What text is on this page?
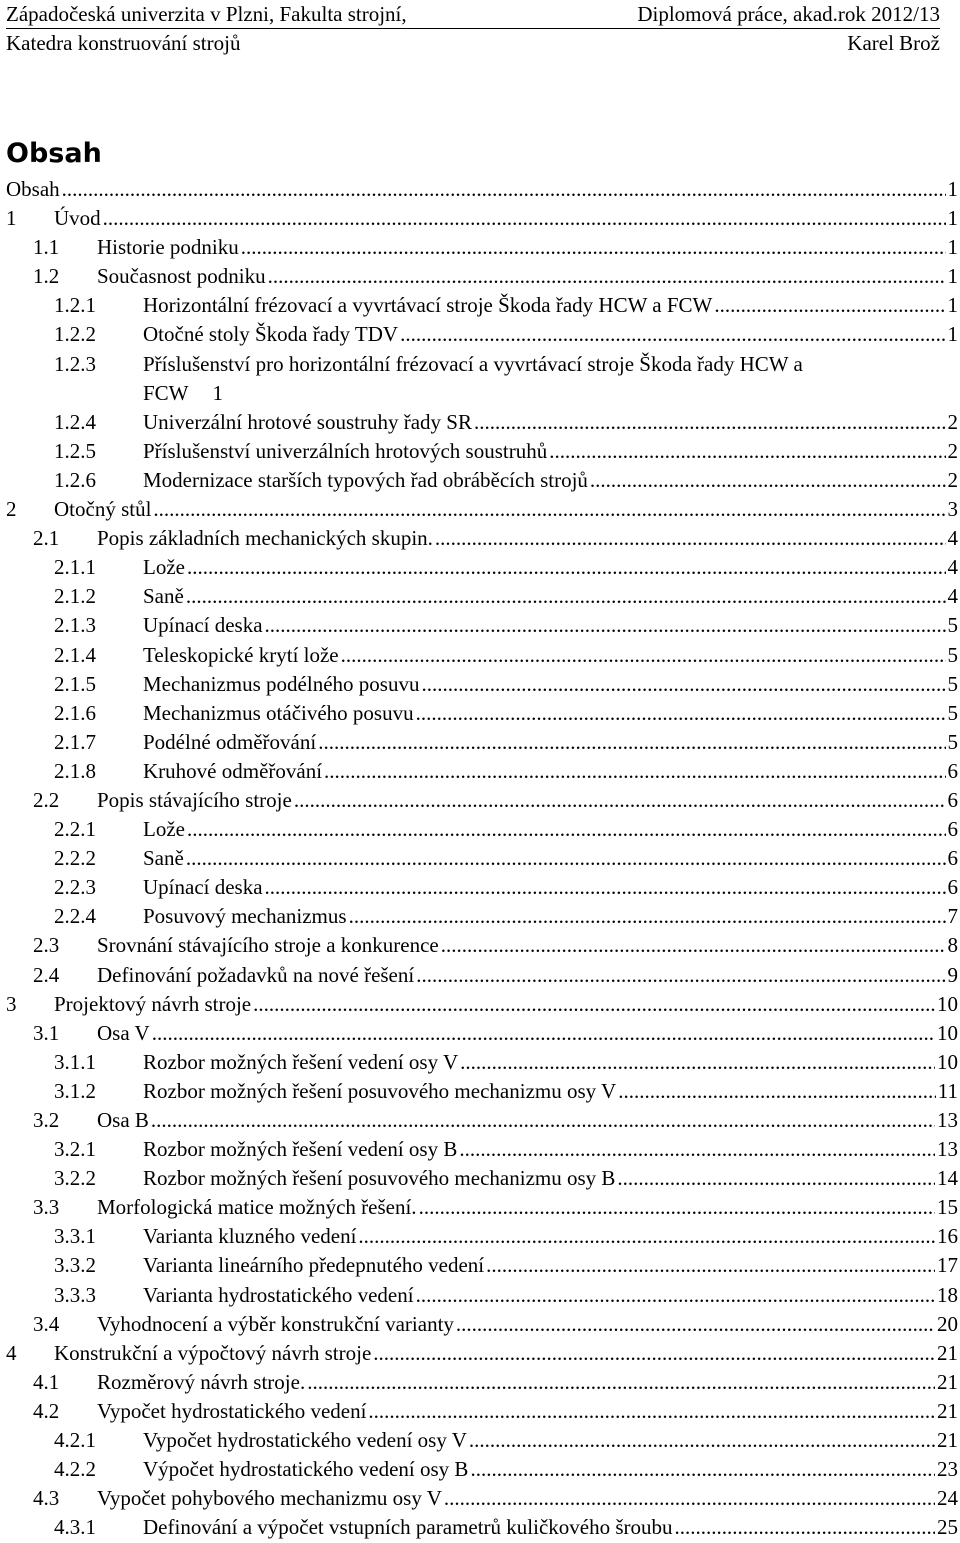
Západočeská univerzita v Plzni, Fakulta strojní,	Diplomová práce, akad.rok 2012/13
Katedra konstruování strojů	Karel Brož
Obsah
Obsah .....	1
1 Úvod .....	1
1.1 Historie podniku .....	1
1.2 Současnost podniku .....	1
1.2.1 Horizontální frézovací a vyvrtávací stroje Škoda řady HCW a FCW .....	1
1.2.2 Otočné stoly Škoda řady TDV .....	1
1.2.3 Příslušenství pro horizontální frézovací a vyvrtávací stroje Škoda řady HCW a
FCW	1
1.2.4 Univerzální hrotové soustruhy řady SR .....	2
1.2.5 Příslušenství univerzálních hrotových soustruhů .....	2
1.2.6 Modernizace starších typových řad obráběcích strojů .....	2
2 Otočný stůl .....	3
2.1 Popis základních mechanických skupin. .....	4
2.1.1 Lože .....	4
2.1.2 Saně .....	4
2.1.3 Upínací deska .....	5
2.1.4 Teleskopické krytí lože .....	5
2.1.5 Mechanizmus podélného posuvu .....	5
2.1.6 Mechanizmus otáčivého posuvu .....	5
2.1.7 Podélné odměřování .....	5
2.1.8 Kruhové odměřování .....	6
2.2 Popis stávajícího stroje .....	6
2.2.1 Lože .....	6
2.2.2 Saně .....	6
2.2.3 Upínací deska .....	6
2.2.4 Posuvový mechanizmus .....	7
2.3 Srovnání stávajícího stroje a konkurence .....	8
2.4 Definování požadavků na nové řešení .....	9
3 Projektový návrh stroje .....	10
3.1 Osa V .....	10
3.1.1 Rozbor možných řešení vedení osy V .....	10
3.1.2 Rozbor možných řešení posuvového mechanizmu osy V .....	11
3.2 Osa B .....	13
3.2.1 Rozbor možných řešení vedení osy B .....	13
3.2.2 Rozbor možných řešení posuvového mechanizmu osy B .....	14
3.3 Morfologická matice možných řešení. .....	15
3.3.1 Varianta kluzného vedení .....	16
3.3.2 Varianta lineárního předepnutého vedení .....	17
3.3.3 Varianta hydrostatického vedení .....	18
3.4 Vyhodnocení a výběr konstrukční varianty .....	20
4 Konstrukční a výpočtový návrh stroje .....	21
4.1 Rozměrový návrh stroje. .....	21
4.2 Vypočet hydrostatického vedení .....	21
4.2.1 Vypočet hydrostatického vedení osy V .....	21
4.2.2 Výpočet hydrostatického vedení osy B .....	23
4.3 Vypočet pohybového mechanizmu osy V .....	24
4.3.1 Definování a výpočet vstupních parametrů kuličkového šroubu .....	25
